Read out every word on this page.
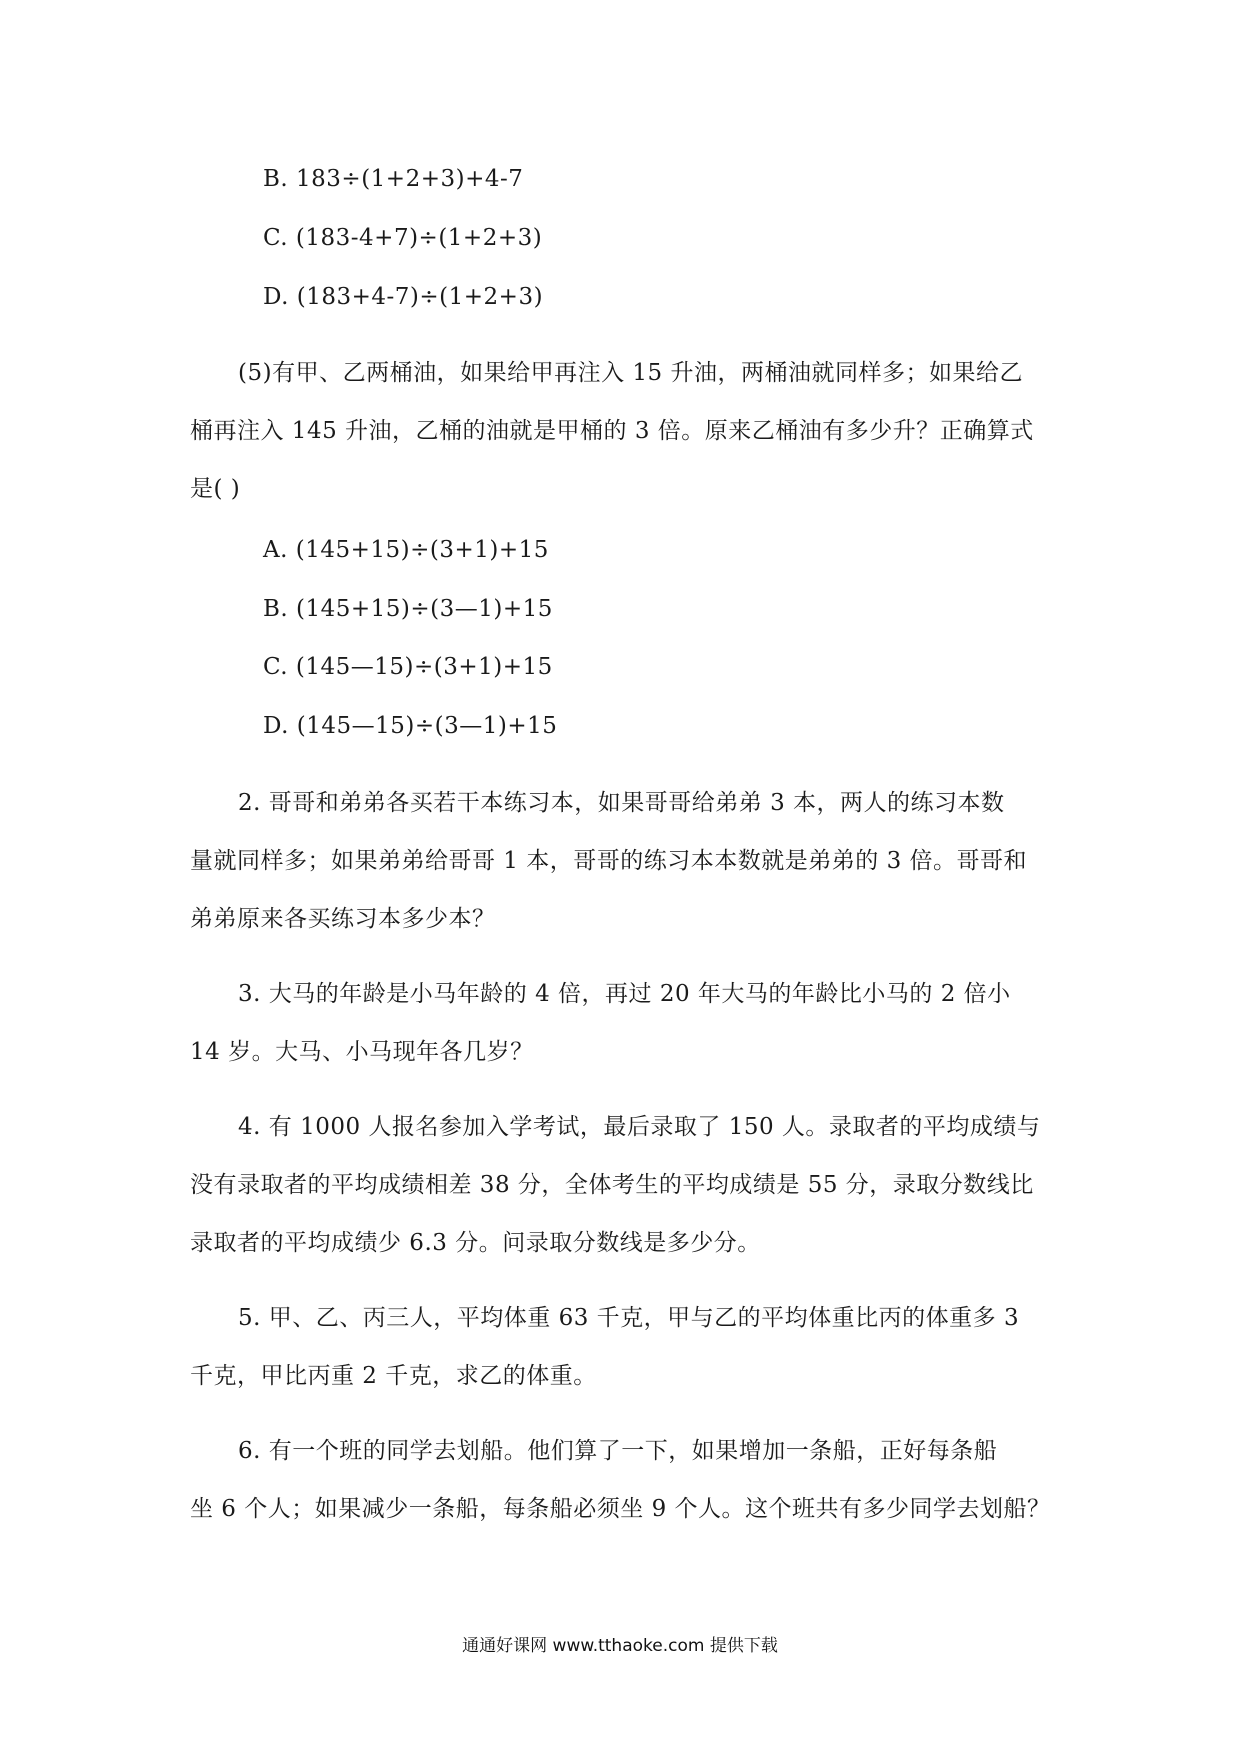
B. 183÷(1+2+3)+4-7
C. (183-4+7)÷(1+2+3)
D. (183+4-7)÷(1+2+3)
(5)有甲、乙两桶油，如果给甲再注入 15 升油，两桶油就同样多；如果给乙
桶再注入 145 升油，乙桶的油就是甲桶的 3 倍。原来乙桶油有多少升？正确算式
是( )
A. (145+15)÷(3+1)+15
B. (145+15)÷(3—1)+15
C. (145—15)÷(3+1)+15
D. (145—15)÷(3—1)+15
2. 哥哥和弟弟各买若干本练习本，如果哥哥给弟弟 3 本，两人的练习本数
量就同样多；如果弟弟给哥哥 1 本，哥哥的练习本本数就是弟弟的 3 倍。哥哥和
弟弟原来各买练习本多少本？
3. 大马的年龄是小马年龄的 4 倍，再过 20 年大马的年龄比小马的 2 倍小
14 岁。大马、小马现年各几岁？
4. 有 1000 人报名参加入学考试，最后录取了 150 人。录取者的平均成绩与
没有录取者的平均成绩相差 38 分，全体考生的平均成绩是 55 分，录取分数线比
录取者的平均成绩少 6.3 分。问录取分数线是多少分。
5. 甲、乙、丙三人，平均体重 63 千克，甲与乙的平均体重比丙的体重多 3
千克，甲比丙重 2 千克，求乙的体重。
6. 有一个班的同学去划船。他们算了一下，如果增加一条船，正好每条船
坐 6 个人；如果减少一条船，每条船必须坐 9 个人。这个班共有多少同学去划船？
通通好课网 www.tthaoke.com 提供下载
